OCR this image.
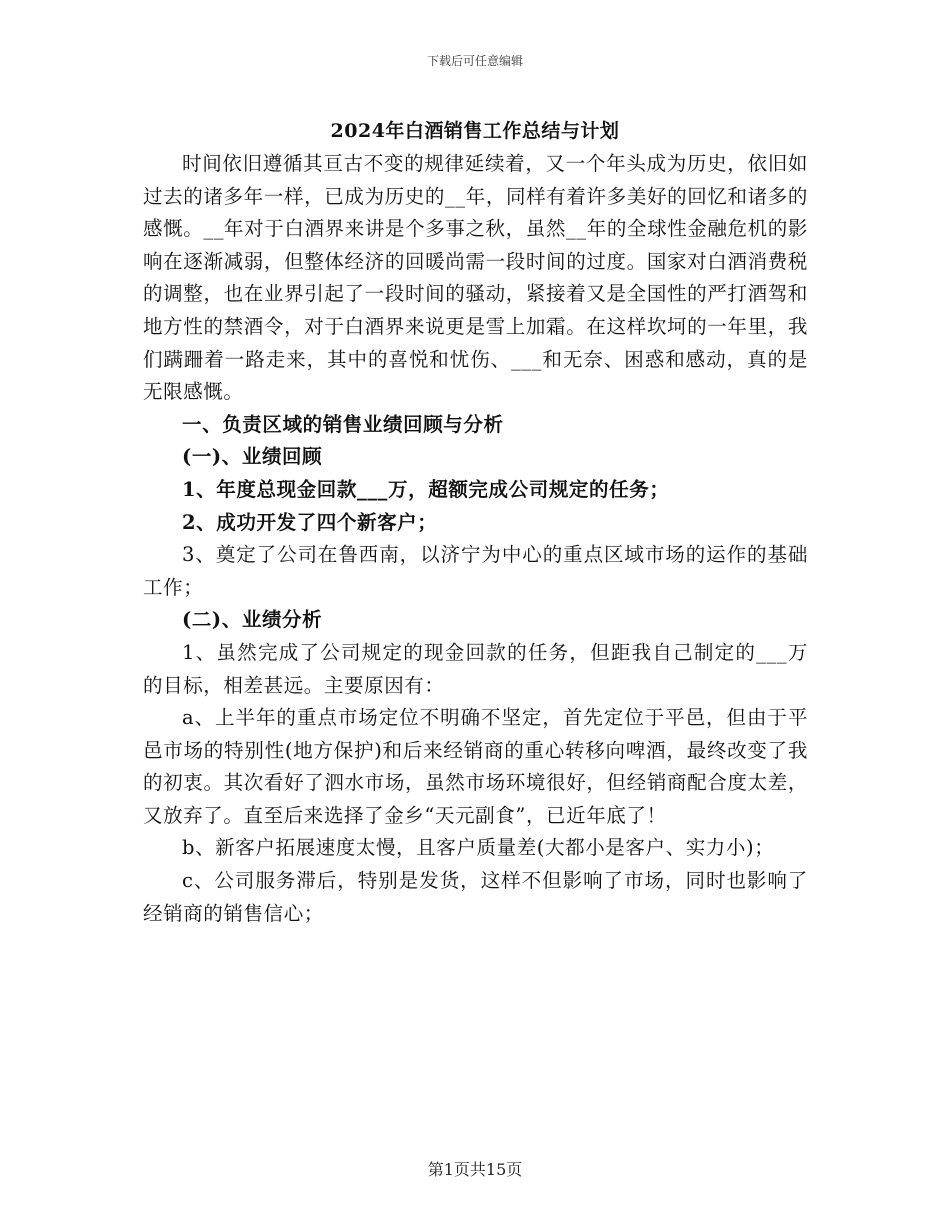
下载后可任意编辑
2024年白酒销售工作总结与计划

时间依旧遵循其亘古不变的规律延续着，又一个年头成为历史，依旧如过去的诸多年一样，已成为历史的__年，同样有着许多美好的回忆和诸多的感慨。__年对于白酒界来讲是个多事之秋，虽然__年的全球性金融危机的影响在逐渐减弱，但整体经济的回暖尚需一段时间的过度。国家对白酒消费税的调整，也在业界引起了一段时间的骚动，紧接着又是全国性的严打酒驾和地方性的禁酒令，对于白酒界来说更是雪上加霜。在这样坎坷的一年里，我们蹒跚着一路走来，其中的喜悦和忧伤、___和无奈、困惑和感动，真的是无限感慨。

一、负责区域的销售业绩回顾与分析

(一)、业绩回顾

1、年度总现金回款___万，超额完成公司规定的任务；

2、成功开发了四个新客户；

3、奠定了公司在鲁西南，以济宁为中心的重点区域市场的运作的基础工作；

(二)、业绩分析

1、虽然完成了公司规定的现金回款的任务，但距我自己制定的___万的目标，相差甚远。主要原因有：

a、上半年的重点市场定位不明确不坚定，首先定位于平邑，但由于平邑市场的特别性(地方保护)和后来经销商的重心转移向啤酒，最终改变了我的初衷。其次看好了泗水市场，虽然市场环境很好，但经销商配合度太差，又放弃了。直至后来选择了金乡“天元副食”，已近年底了！

b、新客户拓展速度太慢，且客户质量差(大都小是客户、实力小)；

c、公司服务滞后，特别是发货，这样不但影响了市场，同时也影响了经销商的销售信心；

第1页共15页
